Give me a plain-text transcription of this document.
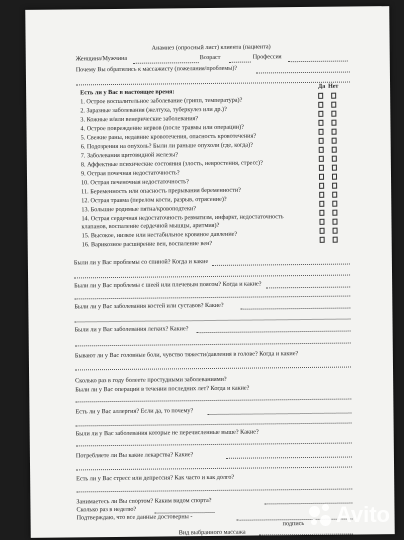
Анамнез (опросный лист) клиента (пациента)
Женщина/Мужчина	Возраст	Профессия
Почему Вы обратились к массажисту (пожелания/проблемы)?
Есть ли у Вас в настоящее время:
Да Нет
1. Острое воспалительное заболевание (грипп, температура)?
2. Заразные заболевания (желтуха, туберкулез или др.)?
3. Кожные и/или венерические заболевания?
4. Острое повреждение нервов (после травмы или операции)?
5. Свежие раны, недавние кровотечения, опасность кровотечения?
6. Подозрения на опухоль? Были ли раньше опухоли (где, когда)?
7. Заболевания щитовидной железы?
8. Аффектные психические состояния (злость, невростения, стресс)?
9. Острая почечная недостаточность?
10. Острая печеночная недостаточность?
11. Беременность или опасность прерывания беременности?
12. Острая травма (перелом кости, разрыв, отрясение)?
13. Большие родимые пятна/кровоподтеки?
14. Острая сердечная недостаточность ревматизм, инфаркт, недостаточность
клапанов, воспаление сердечной мышцы, аритмия)?
15. Высокое, низкое или нестабильное кровяное давление?
16. Варикозное расширение вен, воспаление вен?
Были ли у Вас проблемы со спиной? Когда и какие
Были ли у Вас проблемы с шеей или плечевым поясом? Когда и какие?
Были ли у Вас заболевания костей или суставов? Какие?
Были ли у Вас заболевания легких? Какие?
Бывают ли у Вас головные боли, чувство тяжести/давления в голове? Когда и какие?
Сколько раз в году болеете простудными заболеваниями?
Были ли у Вас операции в течении последних лет? Когда и какие?
Есть ли у Вас аллергия? Если да, то почему?
Были ли у Вас заболевания которые не перечисленные выше? Какие?
Потребляете ли Вы какие лекарства? Какие?
Есть ли у Вас стресс или депрессия? Как часто и как долго?
Занимаетесь ли Вы спортом? Каким видом спорта?
Сколько раз в неделю?
Подтверждаю, что все данные достоверны -
подпись
Вид выбранного массажа
Avito
